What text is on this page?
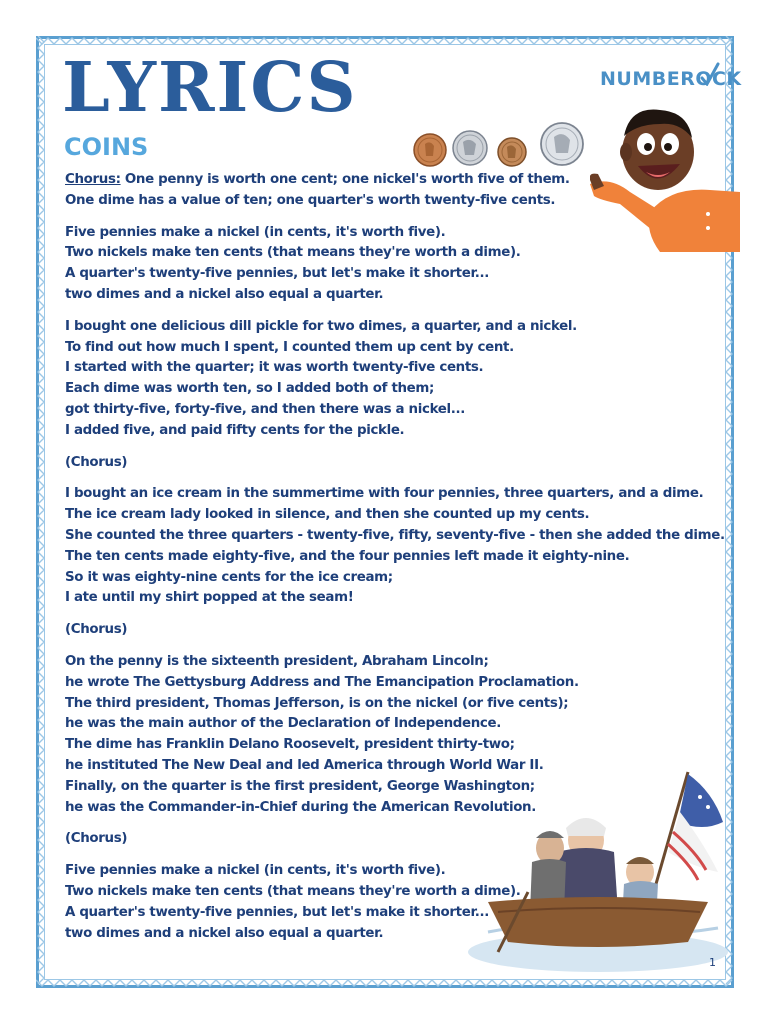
LYRICS
COINS
NUMBEROCK
Chorus: One penny is worth one cent; one nickel's worth five of them.
One dime has a value of ten; one quarter's worth twenty-five cents.
Five pennies make a nickel (in cents, it's worth five).
Two nickels make ten cents (that means they're worth a dime).
A quarter's twenty-five pennies, but let's make it shorter...
two dimes and a nickel also equal a quarter.
I bought one delicious dill pickle for two dimes, a quarter, and a nickel.
To find out how much I spent, I counted them up cent by cent.
I started with the quarter; it was worth twenty-five cents.
Each dime was worth ten, so I added both of them;
got thirty-five, forty-five, and then there was a nickel...
I added five, and paid fifty cents for the pickle.
(Chorus)
I bought an ice cream in the summertime with four pennies, three quarters, and a dime.
The ice cream lady looked in silence, and then she counted up my cents.
She counted the three quarters - twenty-five, fifty, seventy-five - then she added the dime.
The ten cents made eighty-five, and the four pennies left made it eighty-nine.
So it was eighty-nine cents for the ice cream;
I ate until my shirt popped at the seam!
(Chorus)
On the penny is the sixteenth president, Abraham Lincoln;
he wrote The Gettysburg Address and The Emancipation Proclamation.
The third president, Thomas Jefferson, is on the nickel (or five cents);
he was the main author of the Declaration of Independence.
The dime has Franklin Delano Roosevelt, president thirty-two;
he instituted The New Deal and led America through World War II.
Finally, on the quarter is the first president, George Washington;
he was the Commander-in-Chief during the American Revolution.
(Chorus)
Five pennies make a nickel (in cents, it's worth five).
Two nickels make ten cents (that means they're worth a dime).
A quarter's twenty-five pennies, but let's make it shorter...
two dimes and a nickel also equal a quarter.
1
